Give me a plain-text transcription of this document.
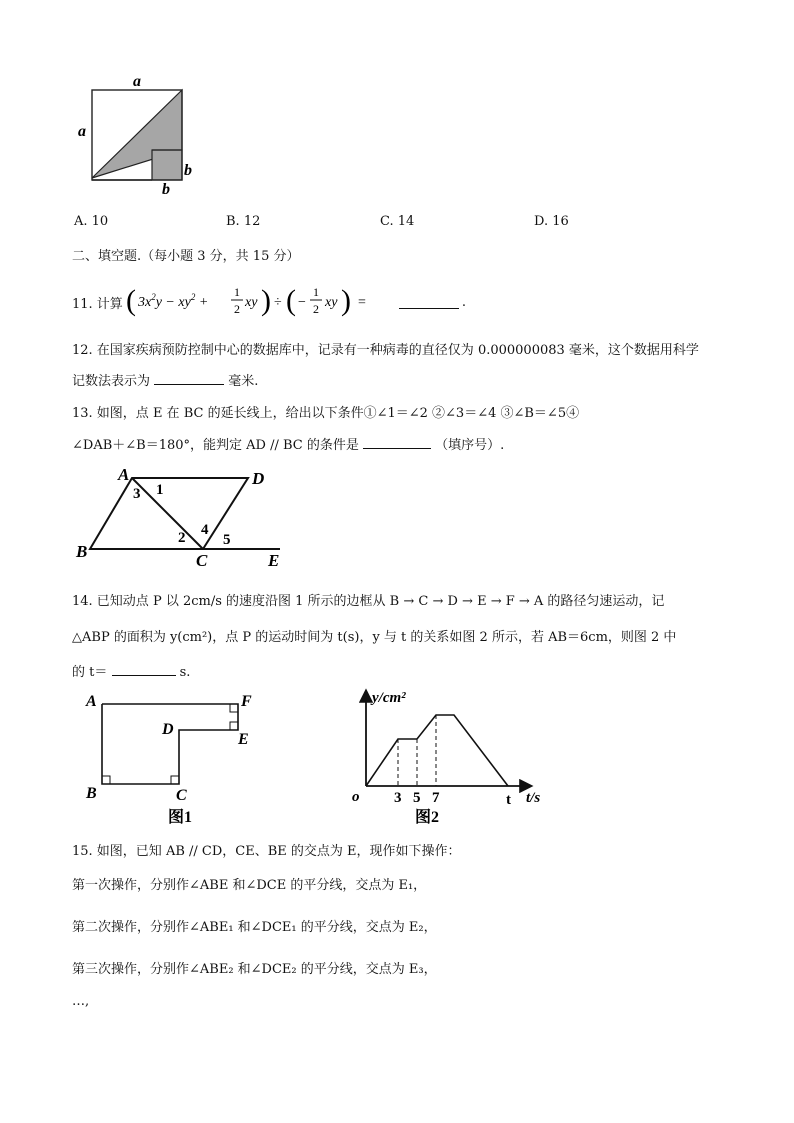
a
a
b
b
A. 10	B. 12	C. 14	D. 16
二、填空题.（每小题 3 分，共 15 分）
11. 计算 ( $3x^2y - xy^2$ +
1
2 xy ) ÷ ( −
1
2 xy ) =	.
12. 在国家疾病预防控制中心的数据库中，记录有一种病毒的直径仅为 0.000000083 毫米，这个数据用科学
记数法表示为	毫米.
13. 如图，点 E 在 BC 的延长线上，给出以下条件①∠1＝∠2 ②∠3＝∠4 ③∠B＝∠5④
∠DAB＋∠B＝180°，能判定 AD // BC 的条件是	（填序号）.
A	D
B	C	E
1
2
3
4
5
14. 已知动点 P 以 2cm/s 的速度沿图 1 所示的边框从 B → C → D → E → F → A 的路径匀速运动，记
△ABP 的面积为 y(cm²)，点 P 的运动时间为 t(s)，y 与 t 的关系如图 2 所示，若 AB＝6cm，则图 2 中
的 t＝	s.
A	F
D
E
B	C
图1
y/cm²
t/s
o 3 5 7	t
图2
15. 如图，已知 AB // CD，CE、BE 的交点为 E，现作如下操作：
第一次操作，分别作∠ABE 和∠DCE 的平分线，交点为 E₁，
第二次操作，分别作∠ABE₁ 和∠DCE₁ 的平分线，交点为 E₂，
第三次操作，分别作∠ABE₂ 和∠DCE₂ 的平分线，交点为 E₃，
…,
